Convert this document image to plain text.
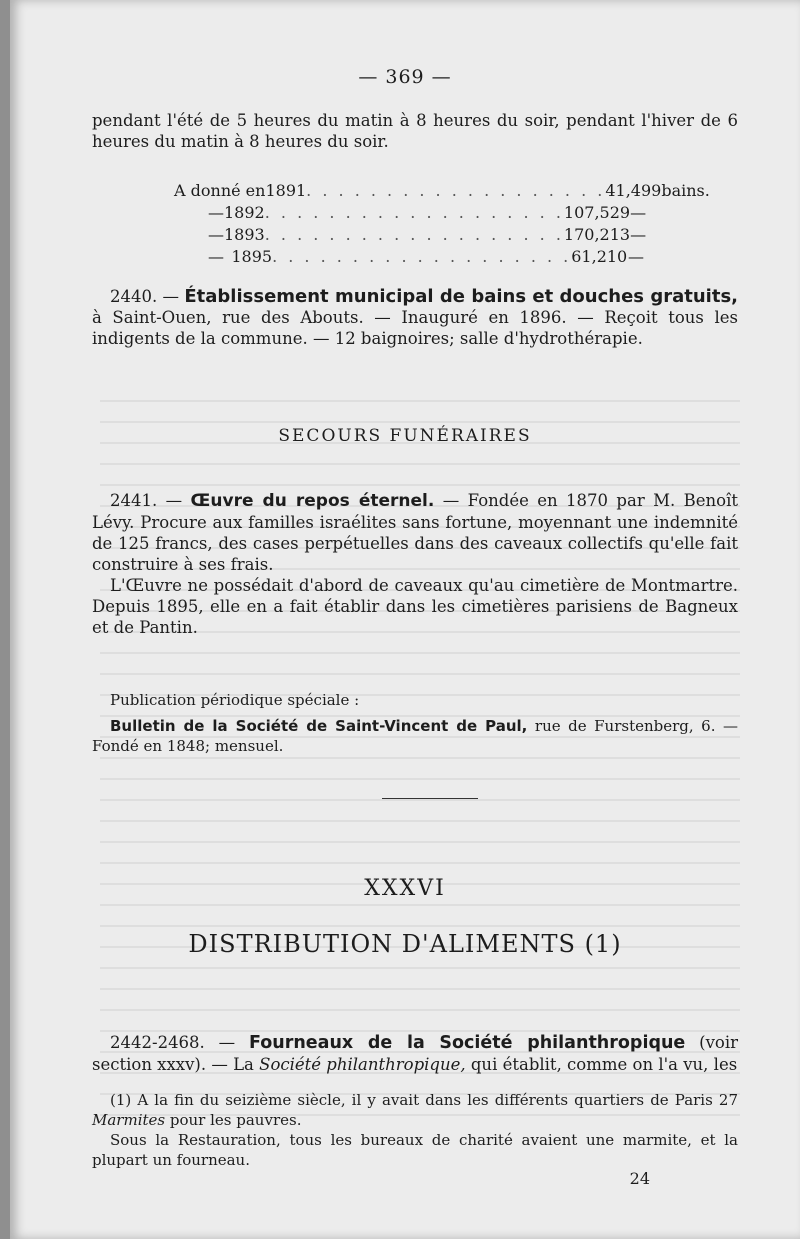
— 369 —

pendant l'été de 5 heures du matin à 8 heures du soir, pendant l'hiver de 6 heures du matin à 8 heures du soir.

A donné en 1891 . . . . . . . . . . . . . . . . . . . 41,499 bains.
— 1892 . . . . . . . . . . . . . . . . . . . 107,529 —
— 1893 . . . . . . . . . . . . . . . . . . . 170,213 —
— 1895 . . . . . . . . . . . . . . . . . . . 61,210 —

2440. — Établissement municipal de bains et douches gratuits, à Saint-Ouen, rue des Abouts. — Inauguré en 1896. — Reçoit tous les indigents de la commune. — 12 baignoires; salle d'hydrothérapie.

SECOURS FUNÉRAIRES

2441. — Œuvre du repos éternel. — Fondée en 1870 par M. Benoît Lévy. Procure aux familles israélites sans fortune, moyennant une indemnité de 125 francs, des cases perpétuelles dans des caveaux collectifs qu'elle fait construire à ses frais.

L'Œuvre ne possédait d'abord de caveaux qu'au cimetière de Montmartre. Depuis 1895, elle en a fait établir dans les cimetières parisiens de Bagneux et de Pantin.

Publication périodique spéciale :

Bulletin de la Société de Saint-Vincent de Paul, rue de Furstenberg, 6. — Fondé en 1848; mensuel.

XXXVI
DISTRIBUTION D'ALIMENTS (1)

2442-2468. — Fourneaux de la Société philanthropique (voir section xxxv). — La Société philanthropique, qui établit, comme on l'a vu, les

(1) A la fin du seizième siècle, il y avait dans les différents quartiers de Paris 27 Marmites pour les pauvres.

Sous la Restauration, tous les bureaux de charité avaient une marmite, et la plupart un fourneau.

24
